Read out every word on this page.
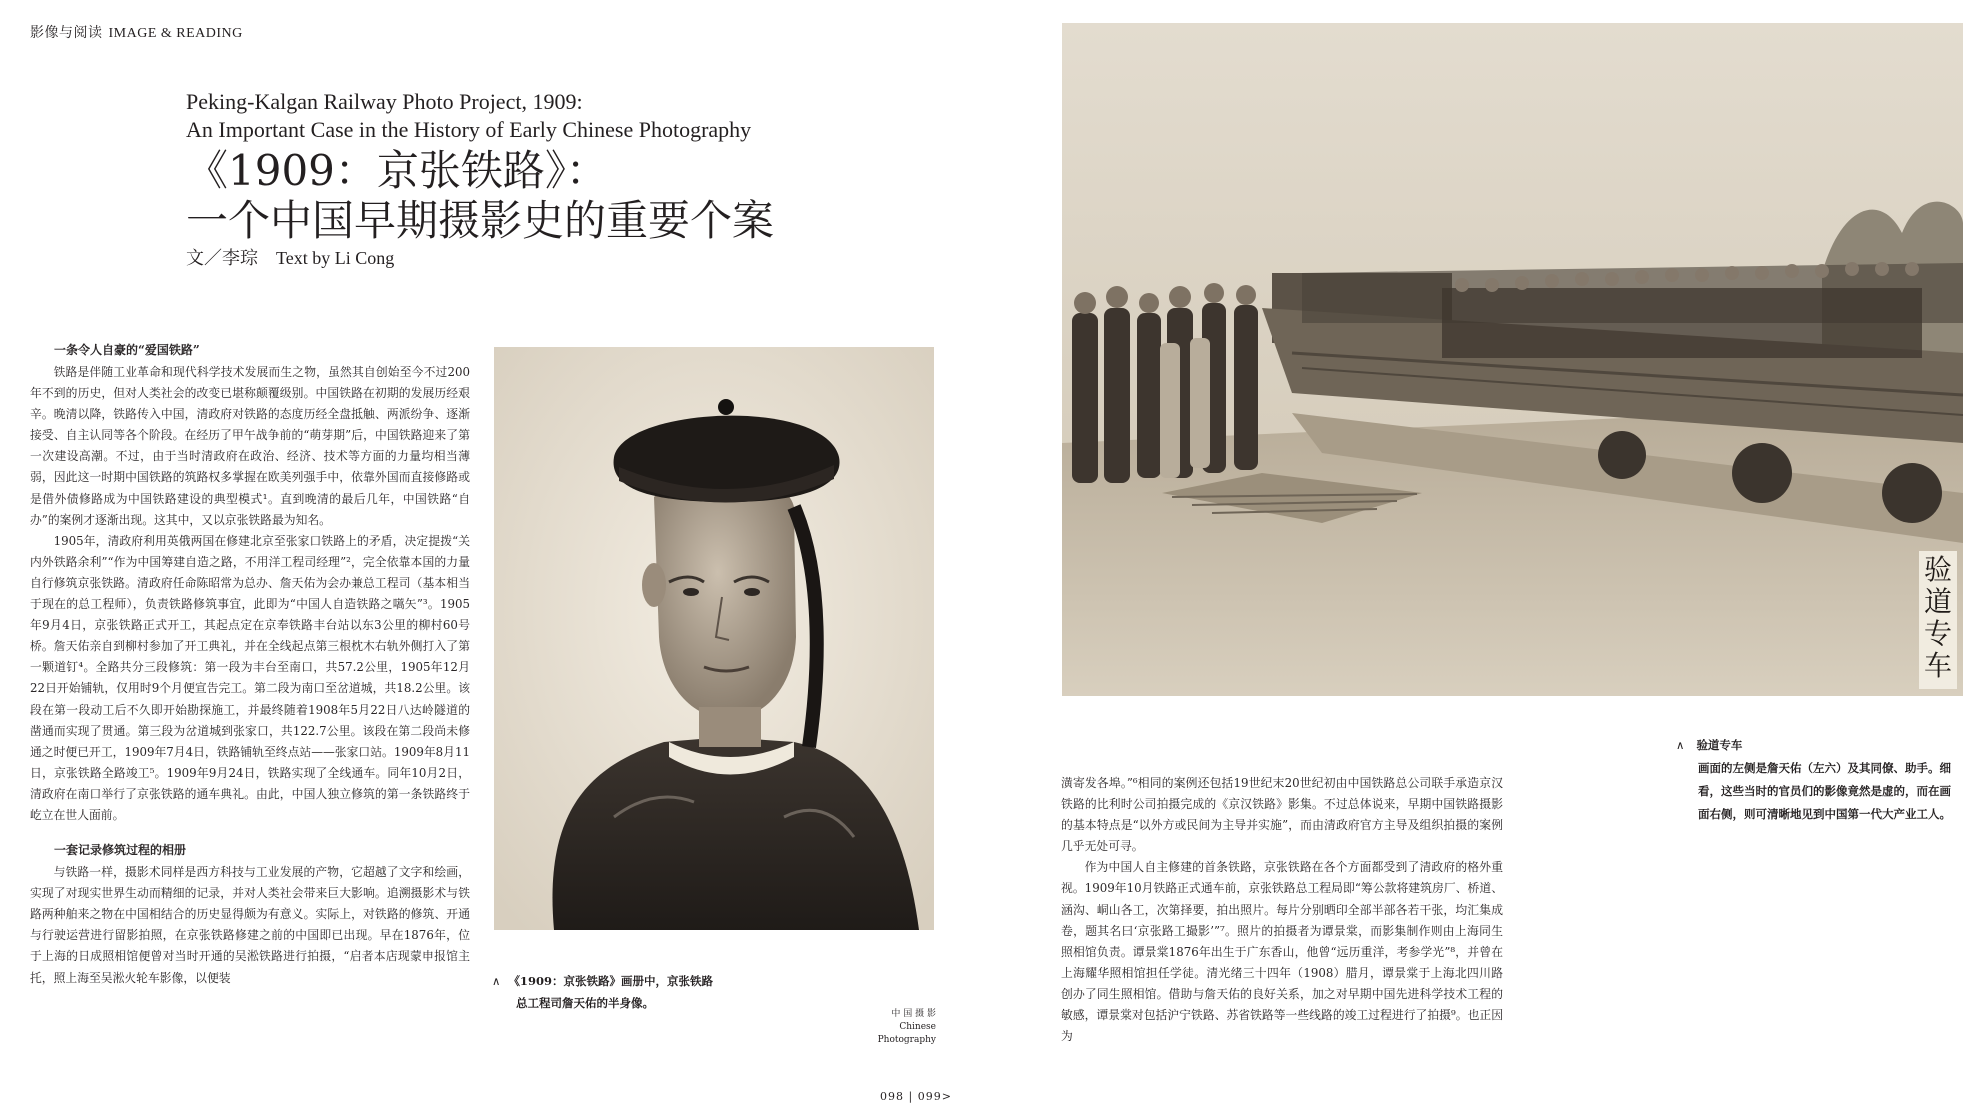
影像与阅读 IMAGE & READING
Peking-Kalgan Railway Photo Project, 1909:
An Important Case in the History of Early Chinese Photography
《1909：京张铁路》：
一个中国早期摄影史的重要个案
文／李琮 Text by Li Cong
一条令人自豪的“爱国铁路”

铁路是伴随工业革命和现代科学技术发展而生之物，虽然其自创始至今不过200年不到的历史，但对人类社会的改变已堪称颠覆级别。中国铁路在初期的发展历经艰辛。晚清以降，铁路传入中国，清政府对铁路的态度历经全盘抵触、两派纷争、逐渐接受、自主认同等各个阶段。在经历了甲午战争前的“萌芽期”后，中国铁路迎来了第一次建设高潮。不过，由于当时清政府在政治、经济、技术等方面的力量均相当薄弱，因此这一时期中国铁路的筑路权多掌握在欧美列强手中，依靠外国而直接修路或是借外债修路成为中国铁路建设的典型模式¹。直到晚清的最后几年，中国铁路“自办”的案例才逐渐出现。这其中，又以京张铁路最为知名。

1905年，清政府利用英俄两国在修建北京至张家口铁路上的矛盾，决定提拨“关内外铁路余利”“作为中国筹建自造之路，不用洋工程司经理”²，完全依靠本国的力量自行修筑京张铁路。清政府任命陈昭常为总办、詹天佑为会办兼总工程司（基本相当于现在的总工程师），负责铁路修筑事宜，此即为“中国人自造铁路之嚆矢”³。1905年9月4日，京张铁路正式开工，其起点定在京奉铁路丰台站以东3公里的柳村60号桥。詹天佑亲自到柳村参加了开工典礼，并在全线起点第三根枕木右轨外侧打入了第一颗道钉⁴。全路共分三段修筑：第一段为丰台至南口，共57.2公里，1905年12月22日开始铺轨，仅用时9个月便宣告完工。第二段为南口至岔道城，共18.2公里。该段在第一段动工后不久即开始勘探施工，并最终随着1908年5月22日八达岭隧道的凿通而实现了贯通。第三段为岔道城到张家口，共122.7公里。该段在第二段尚未修通之时便已开工，1909年7月4日，铁路铺轨至终点站——张家口站。1909年8月11日，京张铁路全路竣工⁵。1909年9月24日，铁路实现了全线通车。同年10月2日，清政府在南口举行了京张铁路的通车典礼。由此，中国人独立修筑的第一条铁路终于屹立在世人面前。

一套记录修筑过程的相册

与铁路一样，摄影术同样是西方科技与工业发展的产物，它超越了文字和绘画，实现了对现实世界生动而精细的记录，并对人类社会带来巨大影响。追溯摄影术与铁路两种舶来之物在中国相结合的历史显得颇为有意义。实际上，对铁路的修筑、开通与行驶运营进行留影拍照，在京张铁路修建之前的中国即已出现。早在1876年，位于上海的日成照相馆便曾对当时开通的吴淞铁路进行拍摄，“启者本店现蒙申报馆主托，照上海至吴淞火轮车影像，以便装	∧ 《1909：京张铁路》画册中，京张铁路
总工程司詹天佑的半身像。
中 国 摄 影
Chinese
Photography
验
道
专
车
∧ 验道专车
画面的左侧是詹天佑（左六）及其同僚、助手。细看，这些当时的官员们的影像竟然是虚的，而在画面右侧，则可清晰地见到中国第一代大产业工人。

潢寄发各埠。”⁶相同的案例还包括19世纪末20世纪初由中国铁路总公司联手承造京汉铁路的比利时公司拍摄完成的《京汉铁路》影集。不过总体说来，早期中国铁路摄影的基本特点是“以外方或民间为主导并实施”，而由清政府官方主导及组织拍摄的案例几乎无处可寻。

作为中国人自主修建的首条铁路，京张铁路在各个方面都受到了清政府的格外重视。1909年10月铁路正式通车前，京张铁路总工程局即“筹公款将建筑房厂、桥道、涵沟、峒山各工，次第择要，拍出照片。每片分别晒印全部半部各若干张，均汇集成卷，题其名曰‘京张路工撮影’”⁷。照片的拍摄者为谭景棠，而影集制作则由上海同生照相馆负责。谭景棠1876年出生于广东香山，他曾“远历重洋，考参学光”⁸，并曾在上海耀华照相馆担任学徒。清光绪三十四年（1908）腊月，谭景棠于上海北四川路创办了同生照相馆。借助与詹天佑的良好关系，加之对早期中国先进科学技术工程的敏感，谭景棠对包括沪宁铁路、苏省铁路等一些线路的竣工过程进行了拍摄⁹。也正因为

098 | 099>
